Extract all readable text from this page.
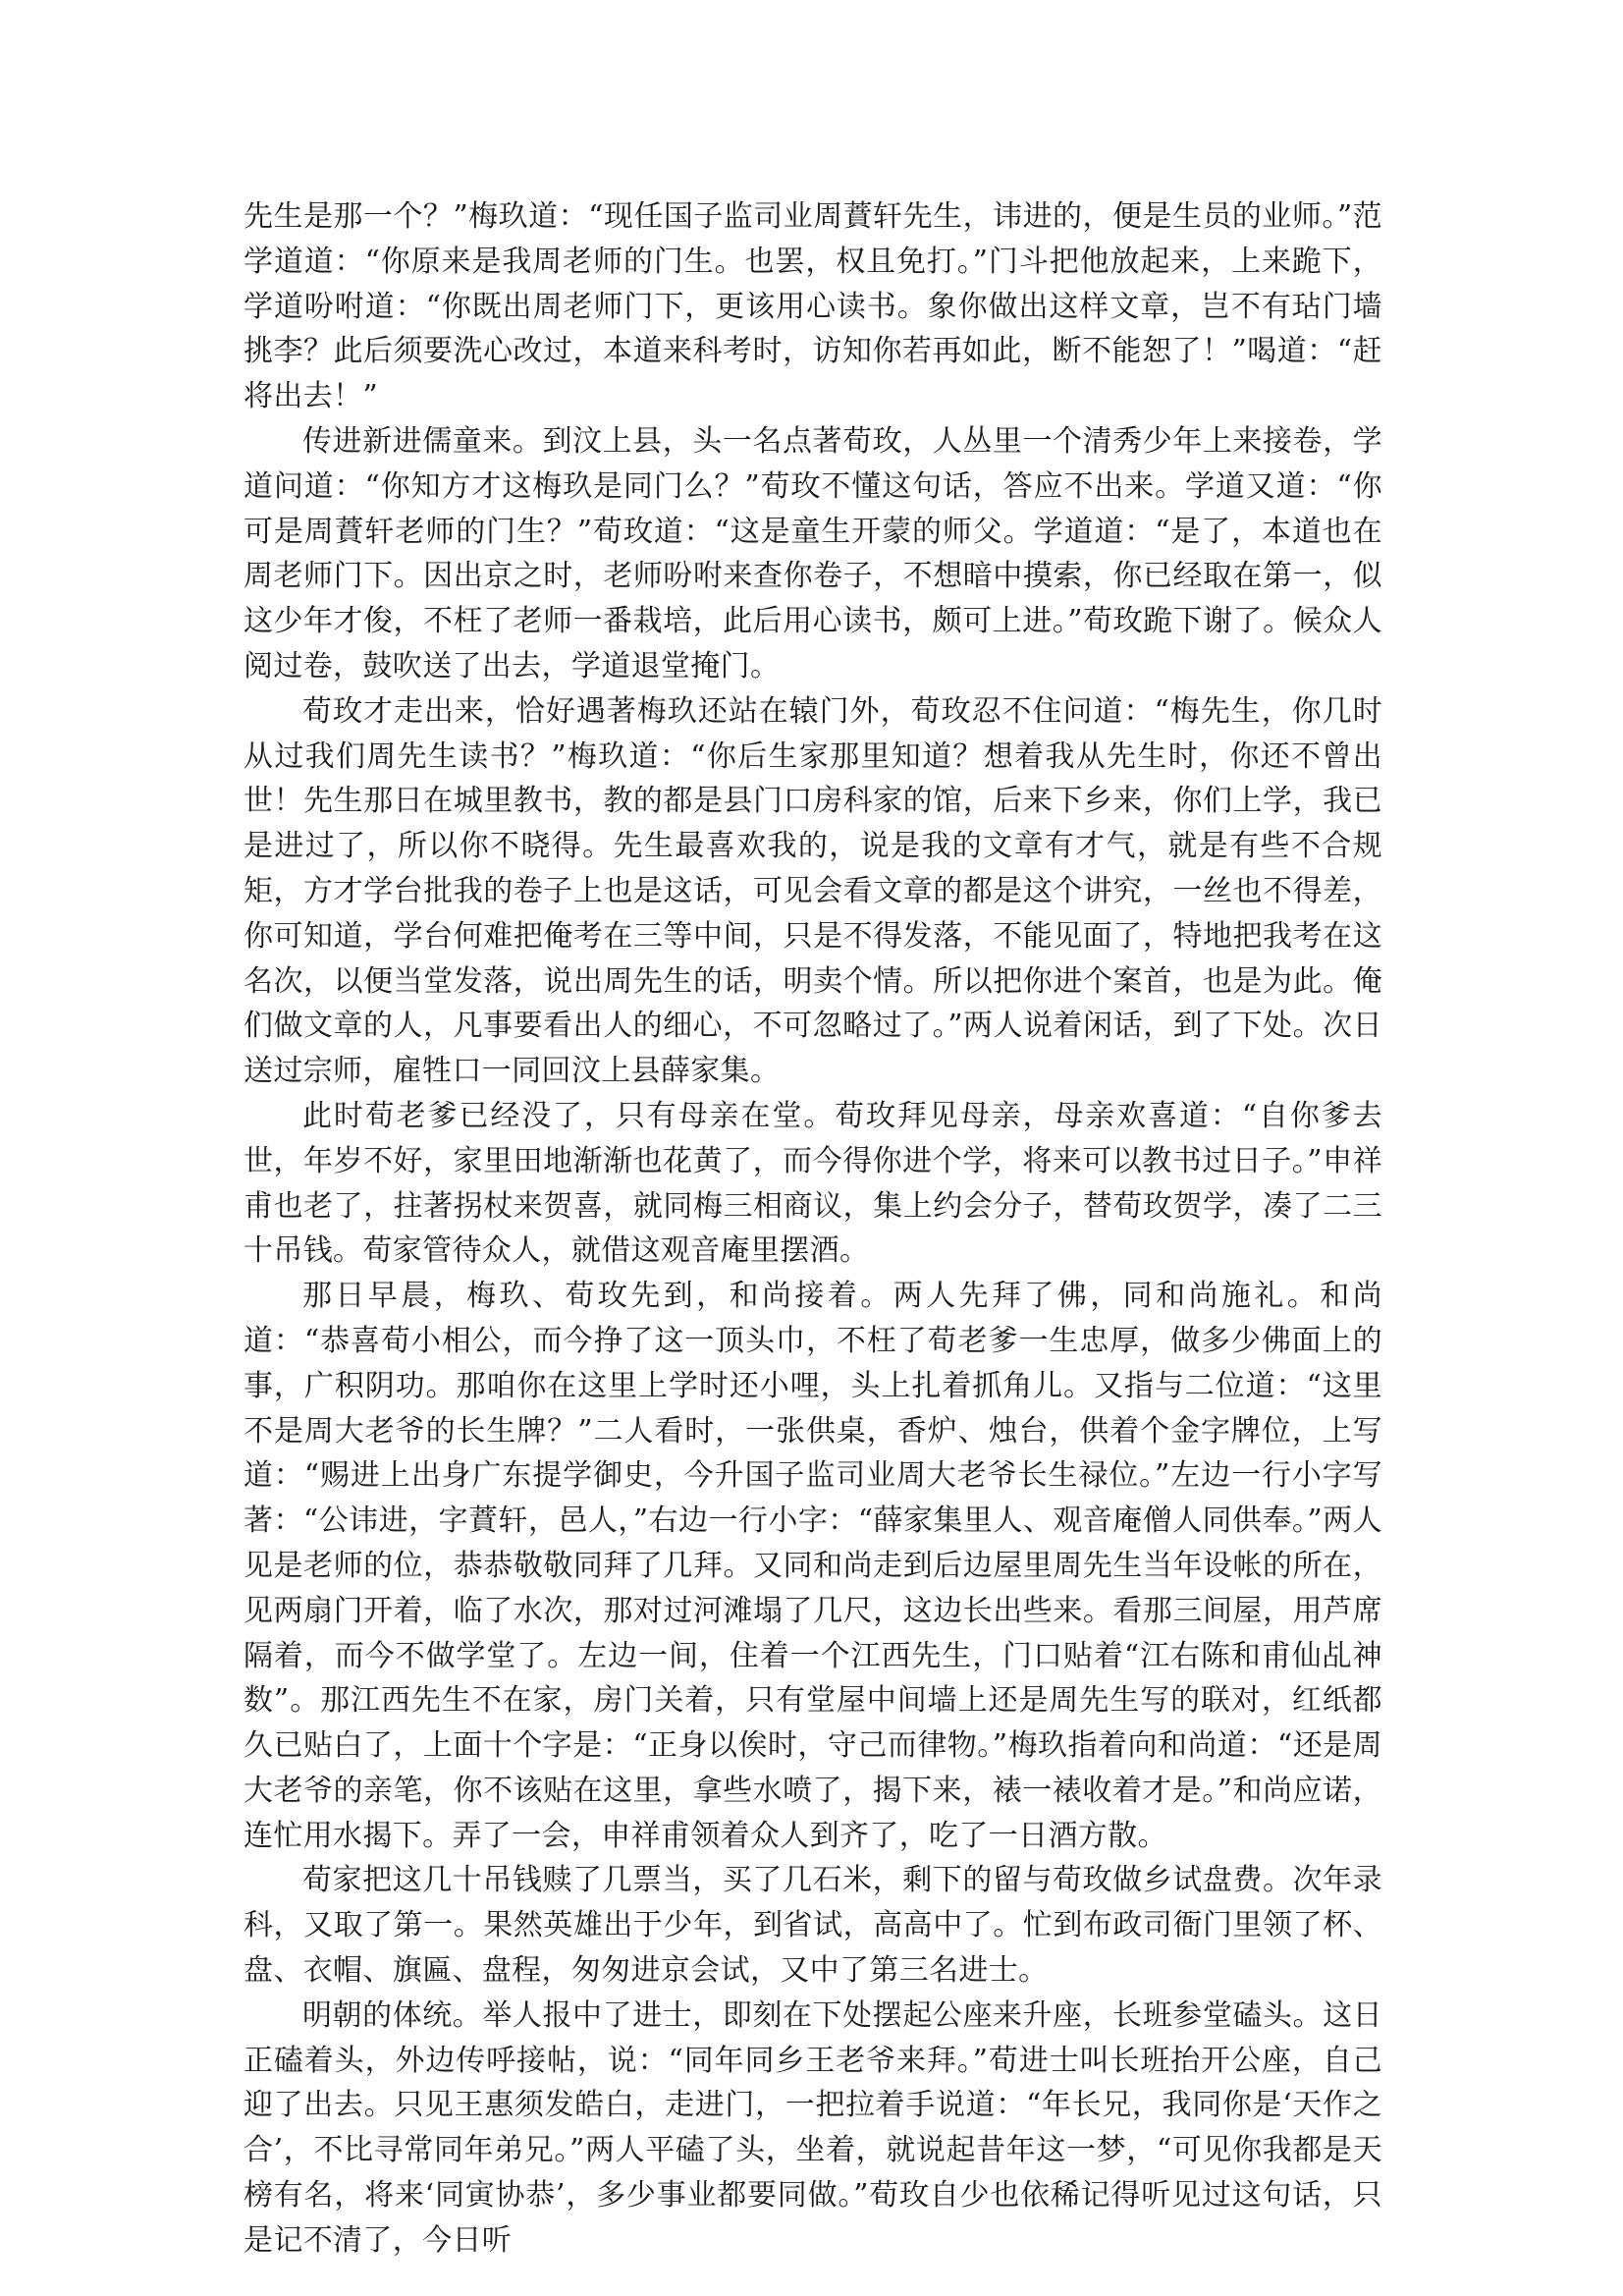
先生是那一个？”梅玖道：“现任国子监司业周蕡轩先生，讳进的，便是生员的业师。”范学道道：“你原来是我周老师的门生。也罢，权且免打。”门斗把他放起来，上来跪下，学道吩咐道：“你既出周老师门下，更该用心读书。象你做出这样文章，岂不有玷门墙挑李？此后须要洗心改过，本道来科考时，访知你若再如此，断不能恕了！”喝道：“赶将出去！”

传进新进儒童来。到汶上县，头一名点著荀玫，人丛里一个清秀少年上来接卷，学道问道：“你知方才这梅玖是同门么？”荀玫不懂这句话，答应不出来。学道又道：“你可是周蕡轩老师的门生？”荀玫道：“这是童生开蒙的师父。学道道：“是了，本道也在周老师门下。因出京之时，老师吩咐来查你卷子，不想暗中摸索，你已经取在第一，似这少年才俊，不枉了老师一番栽培，此后用心读书，颇可上进。”荀玫跪下谢了。候众人阅过卷，鼓吹送了出去，学道退堂掩门。

荀玫才走出来，恰好遇著梅玖还站在辕门外，荀玫忍不住问道：“梅先生，你几时从过我们周先生读书？”梅玖道：“你后生家那里知道？想着我从先生时，你还不曾出世！先生那日在城里教书，教的都是县门口房科家的馆，后来下乡来，你们上学，我已是进过了，所以你不晓得。先生最喜欢我的，说是我的文章有才气，就是有些不合规矩，方才学台批我的卷子上也是这话，可见会看文章的都是这个讲究，一丝也不得差，你可知道，学台何难把俺考在三等中间，只是不得发落，不能见面了，特地把我考在这名次，以便当堂发落，说出周先生的话，明卖个情。所以把你进个案首，也是为此。俺们做文章的人，凡事要看出人的细心，不可忽略过了。”两人说着闲话，到了下处。次日送过宗师，雇牲口一同回汶上县薛家集。

此时荀老爹已经没了，只有母亲在堂。荀玫拜见母亲，母亲欢喜道：“自你爹去世，年岁不好，家里田地渐渐也花黄了，而今得你进个学，将来可以教书过日子。”申祥甫也老了，拄著拐杖来贺喜，就同梅三相商议，集上约会分子，替荀玫贺学，凑了二三十吊钱。荀家管待众人，就借这观音庵里摆酒。

那日早晨，梅玖、荀玫先到，和尚接着。两人先拜了佛，同和尚施礼。和尚道：“恭喜荀小相公，而今挣了这一顶头巾，不枉了荀老爹一生忠厚，做多少佛面上的事，广积阴功。那咱你在这里上学时还小哩，头上扎着抓角儿。又指与二位道：“这里不是周大老爷的长生牌？”二人看时，一张供桌，香炉、烛台，供着个金字牌位，上写道：“赐进上出身广东提学御史，今升国子监司业周大老爷长生禄位。”左边一行小字写著：“公讳进，字蕡轩，邑人，”右边一行小字：“薛家集里人、观音庵僧人同供奉。”两人见是老师的位，恭恭敬敬同拜了几拜。又同和尚走到后边屋里周先生当年设帐的所在，见两扇门开着，临了水次，那对过河滩塌了几尺，这边长出些来。看那三间屋，用芦席隔着，而今不做学堂了。左边一间，住着一个江西先生，门口贴着“江右陈和甫仙乩神数”。那江西先生不在家，房门关着，只有堂屋中间墙上还是周先生写的联对，红纸都久已贴白了，上面十个字是：“正身以俟时，守己而律物。”梅玖指着向和尚道：“还是周大老爷的亲笔，你不该贴在这里，拿些水喷了，揭下来，裱一裱收着才是。”和尚应诺，连忙用水揭下。弄了一会，申祥甫领着众人到齐了，吃了一日酒方散。

荀家把这几十吊钱赎了几票当，买了几石米，剩下的留与荀玫做乡试盘费。次年录科，又取了第一。果然英雄出于少年，到省试，高高中了。忙到布政司衙门里领了杯、盘、衣帽、旗匾、盘程，匆匆进京会试，又中了第三名进士。

明朝的体统。举人报中了进士，即刻在下处摆起公座来升座，长班参堂磕头。这日正磕着头，外边传呼接帖，说：“同年同乡王老爷来拜。”荀进士叫长班抬开公座，自己迎了出去。只见王惠须发皓白，走进门，一把拉着手说道：“年长兄，我同你是‘天作之合’，不比寻常同年弟兄。”两人平磕了头，坐着，就说起昔年这一梦，“可见你我都是天榜有名，将来‘同寅协恭’，多少事业都要同做。”荀玫自少也依稀记得听见过这句话，只是记不清了，今日听
